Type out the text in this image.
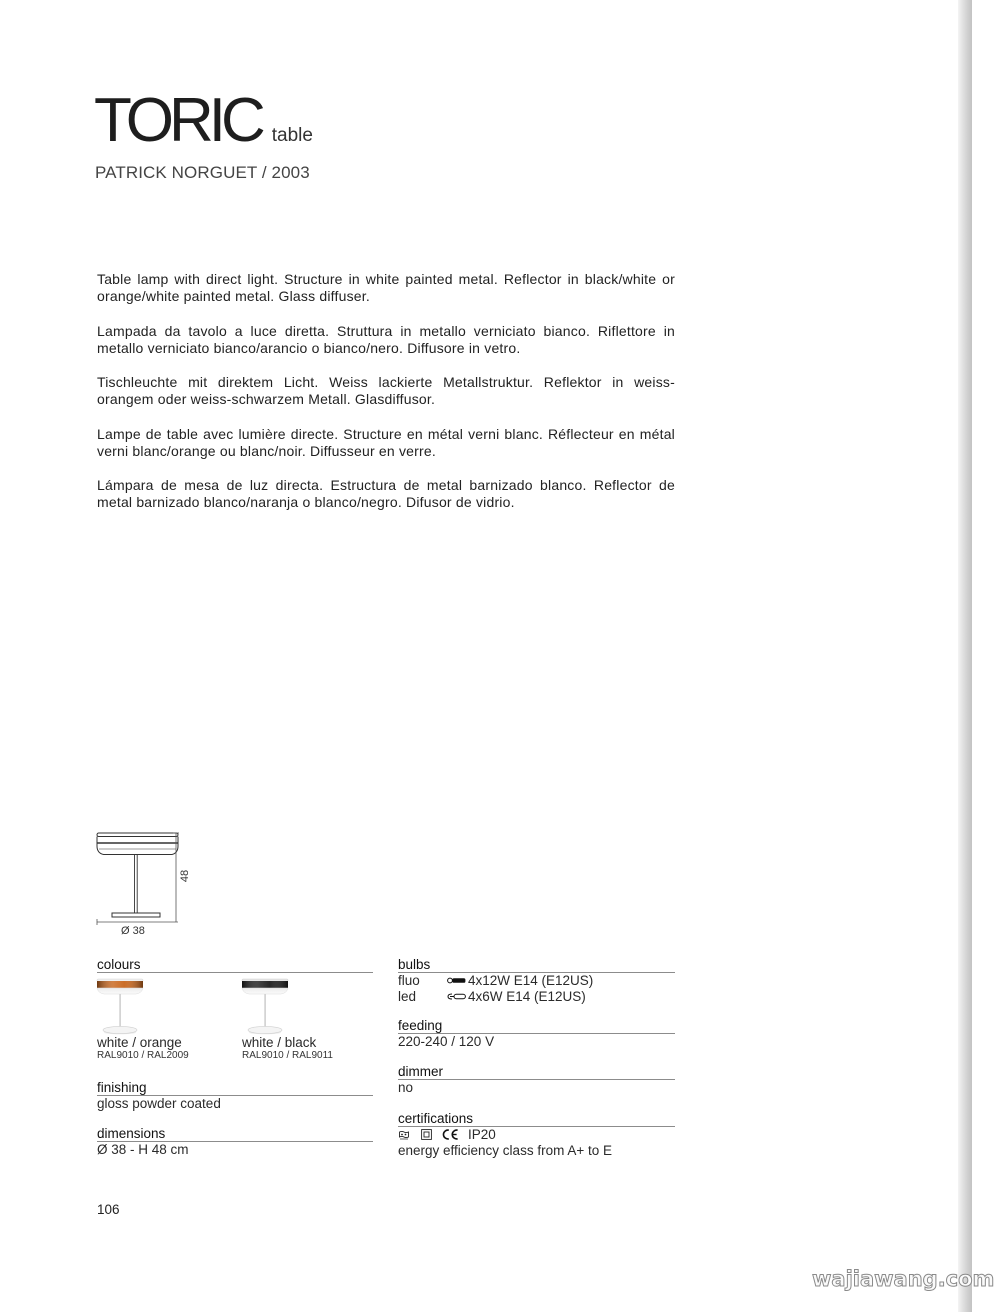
TORIC table
PATRICK NORGUET / 2003
Table lamp with direct light. Structure in white painted metal. Reflector in black/white or
orange/white painted metal. Glass diffuser.
Lampada da tavolo a luce diretta. Struttura in metallo verniciato bianco. Riflettore in
metallo verniciato bianco/arancio o bianco/nero. Diffusore in vetro.
Tischleuchte mit direktem Licht. Weiss lackierte Metallstruktur. Reflektor in weiss-
orangem oder weiss-schwarzem Metall. Glasdiffusor.
Lampe de table avec lumière directe. Structure en métal verni blanc. Réflecteur en métal
verni blanc/orange ou blanc/noir. Diffusseur en verre.
Lámpara de mesa de luz directa. Estructura de metal barnizado blanco. Reflector de
metal barnizado blanco/naranja o blanco/negro. Difusor de vidrio.
48
Ø 38
colours
white / orange
RAL9010 / RAL2009
white / black
RAL9010 / RAL9011
finishing
gloss powder coated
dimensions
Ø 38 - H 48 cm
bulbs
fluo	4x12W E14 (E12US)
led	4x6W E14 (E12US)
feeding
220-240 / 120 V
dimmer
no
certifications
IP20
energy efficiency class from A+ to E
106
wajiawang.com
